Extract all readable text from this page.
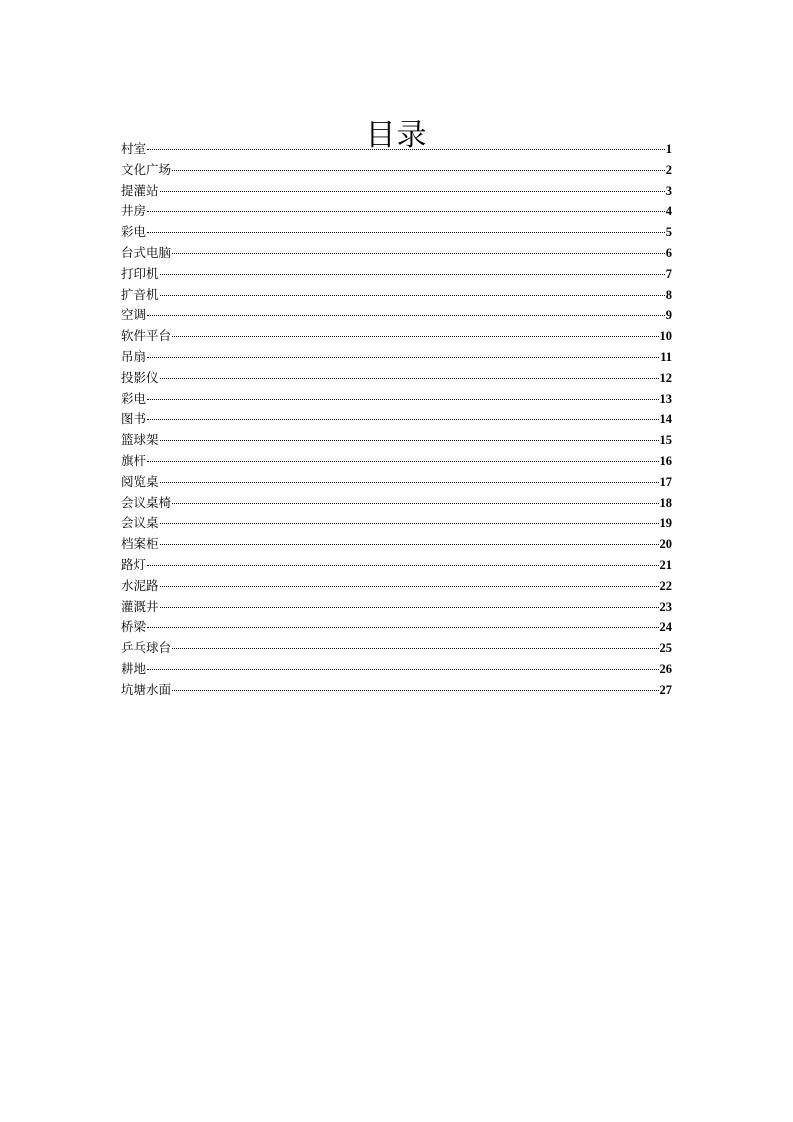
目录
村室	1
文化广场	2
提灌站	3
井房	4
彩电	5
台式电脑	6
打印机	7
扩音机	8
空调	9
软件平台	10
吊扇	11
投影仪	12
彩电	13
图书	14
篮球架	15
旗杆	16
阅览桌	17
会议桌椅	18
会议桌	19
档案柜	20
路灯	21
水泥路	22
灌溉井	23
桥梁	24
乒乓球台	25
耕地	26
坑塘水面	27
